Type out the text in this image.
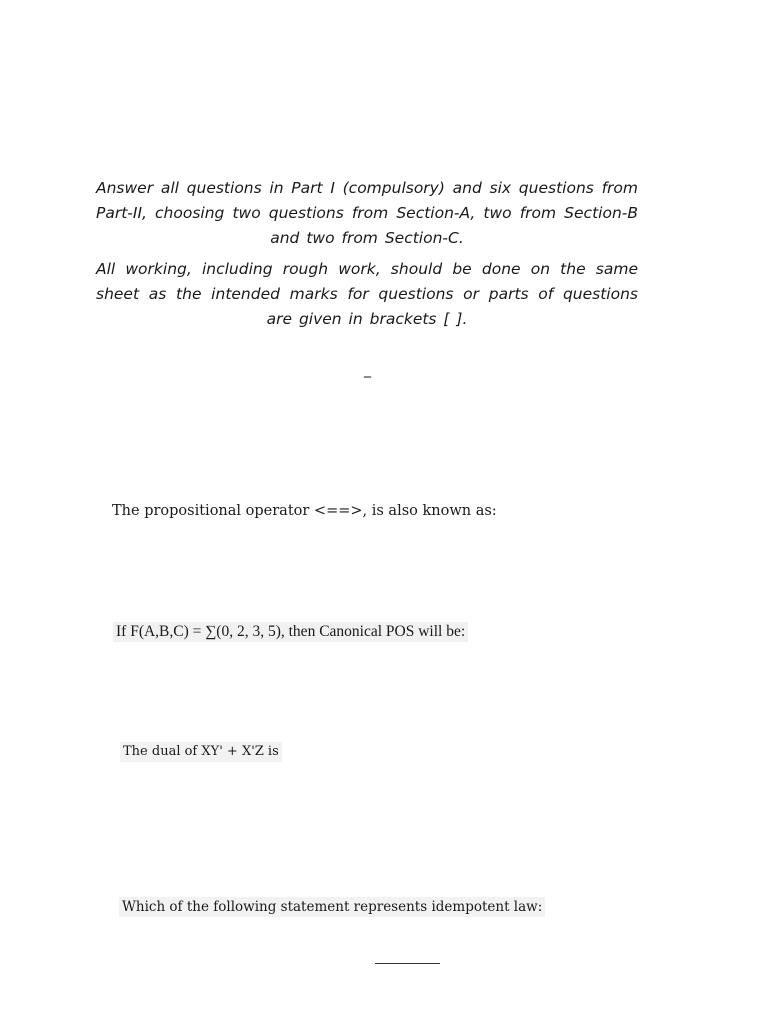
Answer all questions in Part I (compulsory) and six questions from Part-II, choosing two questions from Section-A, two from Section-B and two from Section-C.

All working, including rough work, should be done on the same sheet as the intended marks for questions or parts of questions are given in brackets [ ].

_
The propositional operator <==>, is also known as:
If F(A,B,C) = ∑(0, 2, 3, 5), then Canonical POS will be:
The dual of XY' + X'Z is
Which of the following statement represents idempotent law:
